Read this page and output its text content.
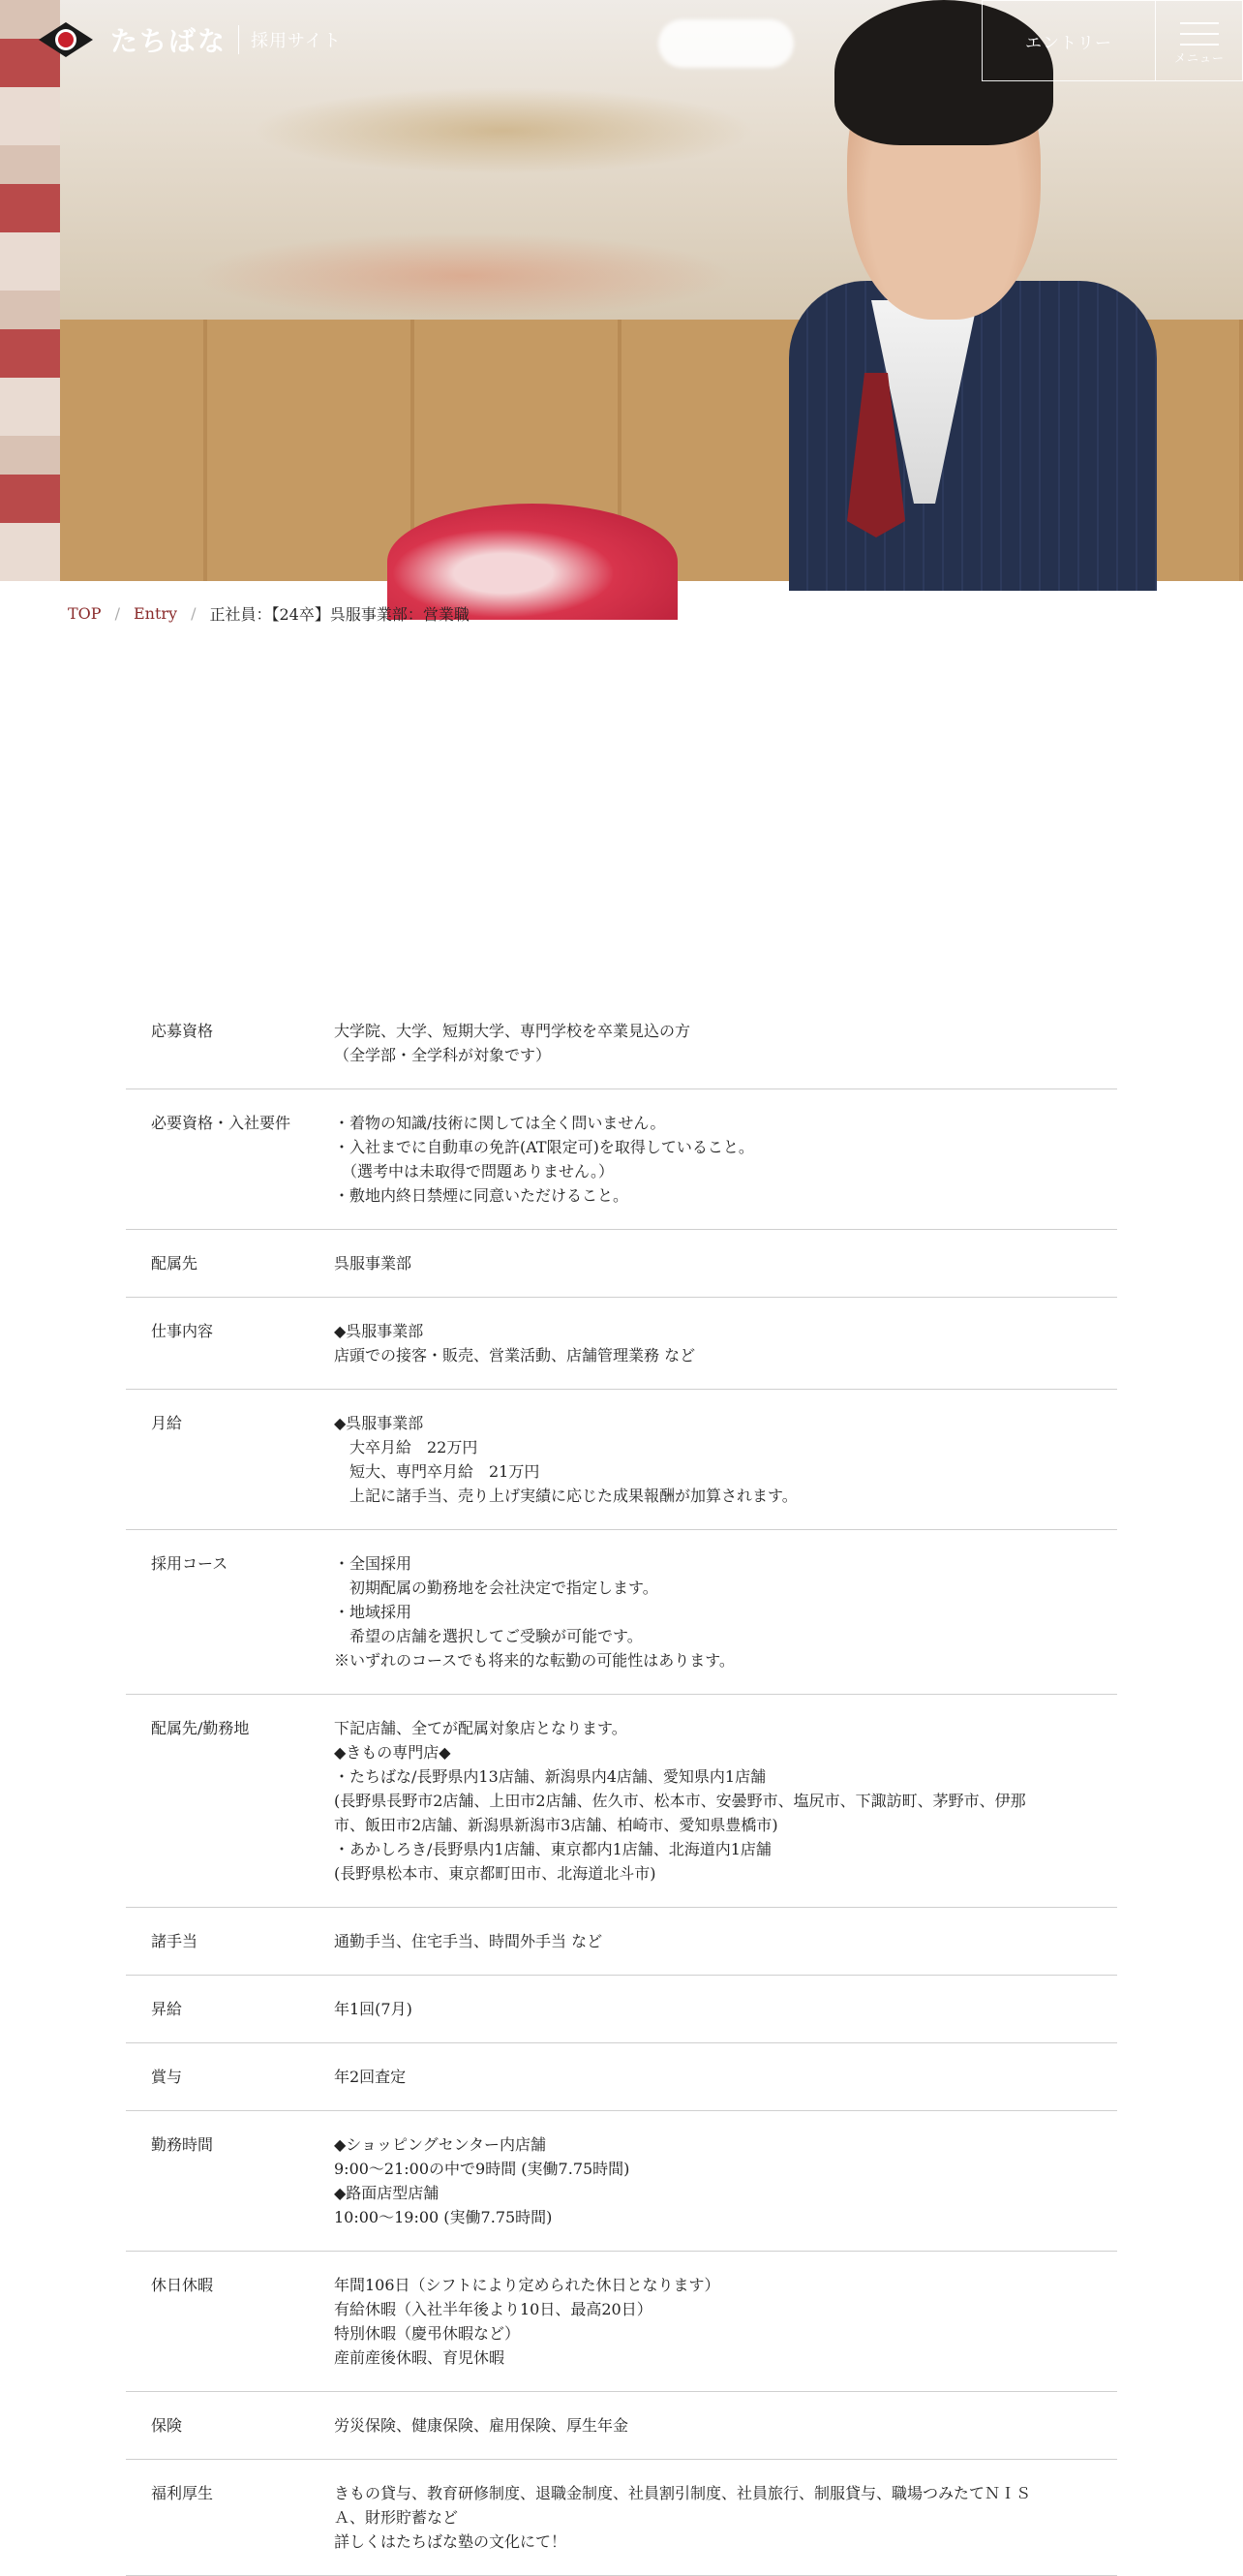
たちばな 採用サイト	エントリー
メニュー
TOP / Entry / 正社員：【24卒】呉服事業部：営業職
応募資格	大学院、大学、短期大学、専門学校を卒業見込の方
（全学部・全学科が対象です）
必要資格・入社要件	・着物の知識/技術に関しては全く問いません。
・入社までに自動車の免許(AT限定可)を取得していること。
　（選考中は未取得で問題ありません。）
・敷地内終日禁煙に同意いただけること。
配属先	呉服事業部
仕事内容	◆呉服事業部
店頭での接客・販売、営業活動、店舗管理業務 など
月給	◆呉服事業部
　大卒月給　22万円
　短大、専門卒月給　21万円
　上記に諸手当、売り上げ実績に応じた成果報酬が加算されます。
採用コース	・全国採用
　初期配属の勤務地を会社決定で指定します。
・地域採用
　希望の店舗を選択してご受験が可能です。
※いずれのコースでも将来的な転勤の可能性はあります。
配属先/勤務地	下記店舗、全てが配属対象店となります。
◆きもの専門店◆
・たちばな/長野県内13店舗、新潟県内4店舗、愛知県内1店舗
(長野県長野市2店舗、上田市2店舗、佐久市、松本市、安曇野市、塩尻市、下諏訪町、茅野市、伊那
市、飯田市2店舗、新潟県新潟市3店舗、柏崎市、愛知県豊橋市)
・あかしろき/長野県内1店舗、東京都内1店舗、北海道内1店舗
(長野県松本市、東京都町田市、北海道北斗市)
諸手当	通勤手当、住宅手当、時間外手当 など
昇給	年1回(7月)
賞与	年2回査定
勤務時間	◆ショッピングセンター内店舗
9:00～21:00の中で9時間 (実働7.75時間)
◆路面店型店舗
10:00～19:00 (実働7.75時間)
休日休暇	年間106日（シフトにより定められた休日となります）
有給休暇（入社半年後より10日、最高20日）
特別休暇（慶弔休暇など）
産前産後休暇、育児休暇
保険	労災保険、健康保険、雇用保険、厚生年金
福利厚生	きもの貸与、教育研修制度、退職金制度、社員割引制度、社員旅行、制服貸与、職場つみたてＮＩＳ
Ａ、財形貯蓄など
詳しくはたちばな塾の文化にて！
